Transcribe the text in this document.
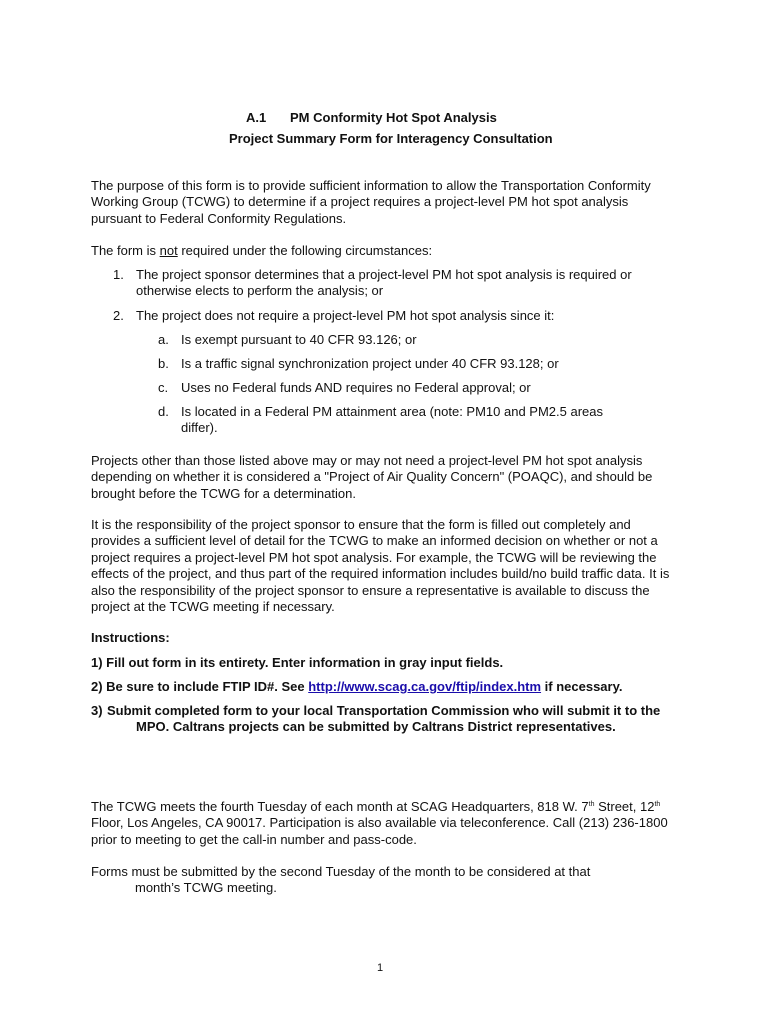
A.1 PM Conformity Hot Spot Analysis
Project Summary Form for Interagency Consultation
The purpose of this form is to provide sufficient information to allow the Transportation Conformity Working Group (TCWG) to determine if a project requires a project-level PM hot spot analysis pursuant to Federal Conformity Regulations.
The form is not required under the following circumstances:
1. The project sponsor determines that a project-level PM hot spot analysis is required or otherwise elects to perform the analysis; or
2. The project does not require a project-level PM hot spot analysis since it:
a. Is exempt pursuant to 40 CFR 93.126; or
b. Is a traffic signal synchronization project under 40 CFR 93.128; or
c. Uses no Federal funds AND requires no Federal approval; or
d. Is located in a Federal PM attainment area (note: PM10 and PM2.5 areas differ).
Projects other than those listed above may or may not need a project-level PM hot spot analysis depending on whether it is considered a "Project of Air Quality Concern" (POAQC), and should be brought before the TCWG for a determination.
It is the responsibility of the project sponsor to ensure that the form is filled out completely and provides a sufficient level of detail for the TCWG to make an informed decision on whether or not a project requires a project-level PM hot spot analysis. For example, the TCWG will be reviewing the effects of the project, and thus part of the required information includes build/no build traffic data. It is also the responsibility of the project sponsor to ensure a representative is available to discuss the project at the TCWG meeting if necessary.
Instructions:
1) Fill out form in its entirety. Enter information in gray input fields.
2) Be sure to include FTIP ID#. See http://www.scag.ca.gov/ftip/index.htm if necessary.
3) Submit completed form to your local Transportation Commission who will submit it to the MPO. Caltrans projects can be submitted by Caltrans District representatives.
The TCWG meets the fourth Tuesday of each month at SCAG Headquarters, 818 W. 7th Street, 12th Floor, Los Angeles, CA 90017. Participation is also available via teleconference. Call (213) 236-1800 prior to meeting to get the call-in number and pass-code.
Forms must be submitted by the second Tuesday of the month to be considered at that
month’s TCWG meeting.
1
